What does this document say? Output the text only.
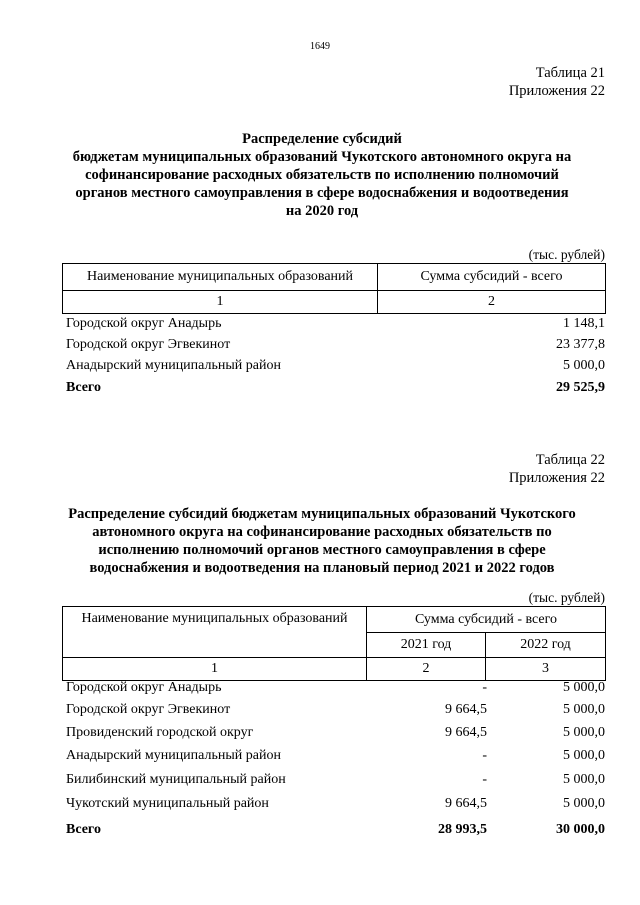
1649
Таблица 21
Приложения 22
Распределение субсидий
бюджетам муниципальных образований Чукотского автономного округа на
софинансирование расходных обязательств по исполнению полномочий
органов местного самоуправления в сфере водоснабжения и водоотведения
на 2020 год
(тыс. рублей)
Наименование муниципальных образований	Сумма субсидий - всего
1	2
Городской округ Анадырь	1 148,1
Городской округ Эгвекинот	23 377,8
Анадырский муниципальный район	5 000,0
Всего	29 525,9
Таблица 22
Приложения 22
Распределение субсидий бюджетам муниципальных образований Чукотского
автономного округа на софинансирование расходных обязательств по
исполнению полномочий органов местного самоуправления в сфере
водоснабжения и водоотведения на плановый период 2021 и 2022 годов
(тыс. рублей)
Наименование муниципальных образований	Сумма субсидий - всего	
	2021 год	2022 год
1	2	3
Городской округ Анадырь	-	5 000,0
Городской округ Эгвекинот	9 664,5	5 000,0
Провиденский городской округ	9 664,5	5 000,0
Анадырский муниципальный район	-	5 000,0
Билибинский муниципальный район	-	5 000,0
Чукотский муниципальный район	9 664,5	5 000,0
Всего	28 993,5	30 000,0
